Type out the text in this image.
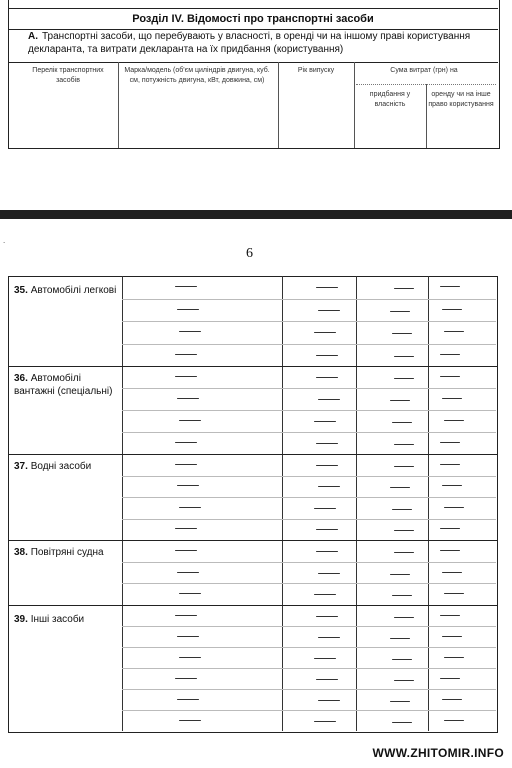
Розділ IV. Відомості про транспортні засоби
А. Транспортні засоби, що перебувають у власності, в оренді чи на іншому праві користування декларанта, та витрати декларанта на їх придбання (користування)
Перелік транспортних засобів
Марка/модель (об'єм циліндрів двигуна, куб. см, потужність двигуна, кВт, довжина, см)
Рік випуску	Сума витрат (грн) на
придбання у власність
оренду чи на інше право користування
.
6
35. Автомобілі легкові
36. Автомобілі вантажні (спеціальні)
37. Водні засоби
38. Повітряні судна
39. Інші засоби
WWW.ZHITOMIR.INFO
